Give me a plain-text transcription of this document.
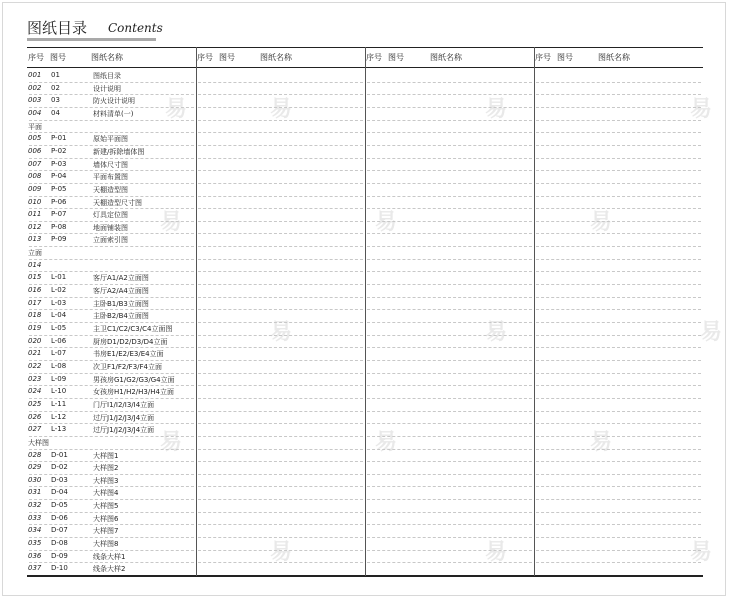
图纸目录 Contents
易	易	易	易
易	易	易
易	易	易
易	易	易
易	易	易
序号 图号	图纸名称	序号 图号	图纸名称	序号 图号	图纸名称	序号 图号	图纸名称
001 01	图纸目录
002 02	设计说明
003 03	防火设计说明
004 04	材料清单(一)
平面
005 P-01	原始平面图
006 P-02	新建/拆除墙体图
007 P-03	墙体尺寸图
008 P-04	平面布置图
009 P-05	天棚造型图
010 P-06	天棚造型尺寸图
011 P-07	灯具定位图
012 P-08	地面铺装图
013 P-09	立面索引图
立面
014
015 L-01	客厅A1/A2立面图
016 L-02	客厅A2/A4立面图
017 L-03	主卧B1/B3立面图
018 L-04	主卧B2/B4立面图
019 L-05	主卫C1/C2/C3/C4立面图
020 L-06	厨房D1/D2/D3/D4立面
021 L-07	书房E1/E2/E3/E4立面
022 L-08	次卫F1/F2/F3/F4立面
023 L-09	男孩房G1/G2/G3/G4立面
024 L-10	女孩房H1/H2/H3/H4立面
025 L-11	门厅I1/I2/I3/I4立面
026 L-12	过厅J1/J2/J3/J4立面
027 L-13	过厅J1/J2/J3/J4立面
大样图
028 D-01	大样图1
029 D-02	大样图2
030 D-03	大样图3
031 D-04	大样图4
032 D-05	大样图5
033 D-06	大样图6
034 D-07	大样图7
035 D-08	大样图8
036 D-09	线条大样1
037 D-10	线条大样2
